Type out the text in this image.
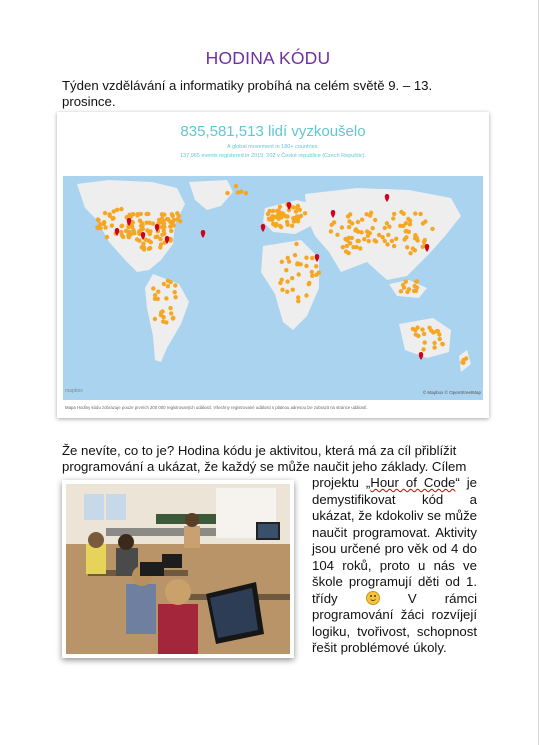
HODINA KÓDU

Týden vzdělávání a informatiky probíhá na celém světě 9. – 13. prosince.

835,581,513 lidí vyzkoušelo
A global movement in 180+ countries.
137,965 events registered in 2019, 202 v České republice (Czech Republic).
mapbox	© Mapbox © OpenStreetMap
Mapa Hodiny kódu zobrazuje pouze prvních 200 000 registrovaných událostí. Všechny registrované události s platnou adresou lze zobrazit na stránce událostí.

Že nevíte, co to je? Hodina kódu je aktivitou, která má za cíl přiblížit

programování a ukázat, že každý se může naučit jeho základy. Cílem

projektu „Hour of Code“ je demystifikovat kód a ukázat, že kdokoliv se může naučit programovat. Aktivity jsou určené pro věk od 4 do 104 roků, proto u nás ve škole programují děti od 1. třídy	V rámci programování žáci rozvíjejí logiku, tvořivost, schopnost řešit problémové úkoly.
